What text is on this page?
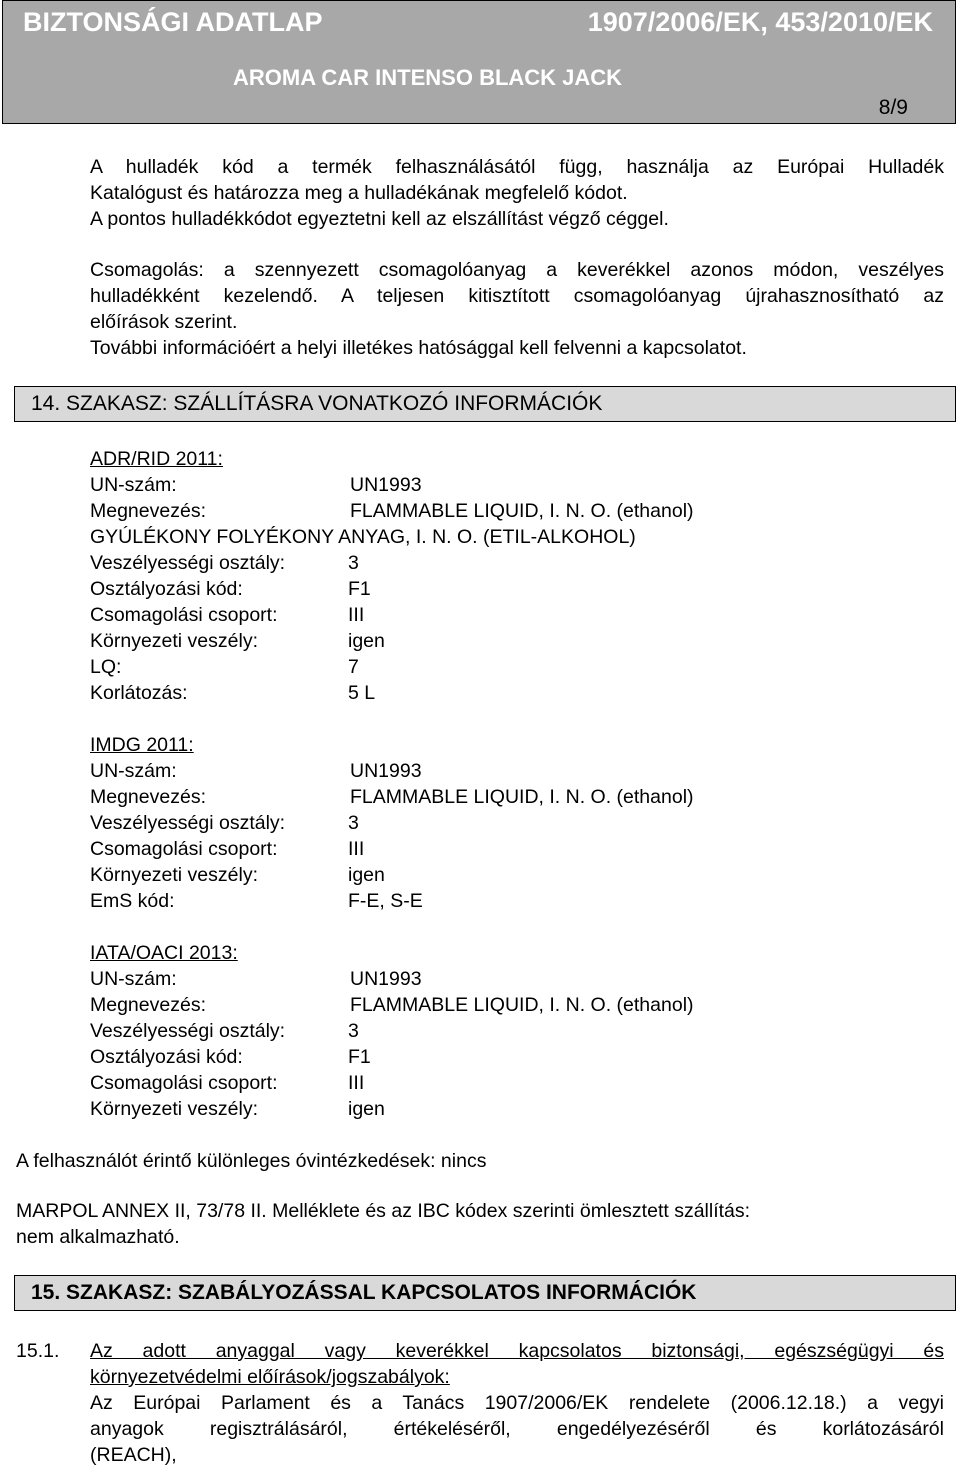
BIZTONSÁGI ADATLAP	1907/2006/EK, 453/2010/EK
AROMA CAR INTENSO BLACK JACK
8/9
A hulladék kód a termék felhasználásától függ, használja az Európai Hulladék
Katalógust és határozza meg a hulladékának megfelelő kódot.
A pontos hulladékkódot egyeztetni kell az elszállítást végző céggel.
Csomagolás: a szennyezett csomagolóanyag a keverékkel azonos módon, veszélyes
hulladékként kezelendő. A teljesen kitisztított csomagolóanyag újrahasznosítható az
előírások szerint.
További információért a helyi illetékes hatósággal kell felvenni a kapcsolatot.
14. SZAKASZ: SZÁLLÍTÁSRA VONATKOZÓ INFORMÁCIÓK
ADR/RID 2011:
UN-szám:	UN1993
Megnevezés:	FLAMMABLE LIQUID, I. N. O. (ethanol)
GYÚLÉKONY FOLYÉKONY ANYAG, I. N. O. (ETIL-ALKOHOL)
Veszélyességi osztály:	3
Osztályozási kód:	F1
Csomagolási csoport:	III
Környezeti veszély:	igen
LQ:	7
Korlátozás:	5 L
IMDG 2011:
UN-szám:	UN1993
Megnevezés:	FLAMMABLE LIQUID, I. N. O. (ethanol)
Veszélyességi osztály:	3
Csomagolási csoport:	III
Környezeti veszély:	igen
EmS kód:	F-E, S-E
IATA/OACI 2013:
UN-szám:	UN1993
Megnevezés:	FLAMMABLE LIQUID, I. N. O. (ethanol)
Veszélyességi osztály:	3
Osztályozási kód:	F1
Csomagolási csoport:	III
Környezeti veszély:	igen
A felhasználót érintő különleges óvintézkedések: nincs
MARPOL ANNEX II, 73/78 II. Melléklete és az IBC kódex szerinti ömlesztett szállítás:
nem alkalmazható.
15. SZAKASZ: SZABÁLYOZÁSSAL KAPCSOLATOS INFORMÁCIÓK
15.1. Az adott anyaggal vagy keverékkel kapcsolatos biztonsági, egészségügyi és
környezetvédelmi előírások/jogszabályok:
Az Európai Parlament és a Tanács 1907/2006/EK rendelete (2006.12.18.) a vegyi
anyagok regisztrálásáról, értékeléséről, engedélyezéséről és korlátozásáról
(REACH),
